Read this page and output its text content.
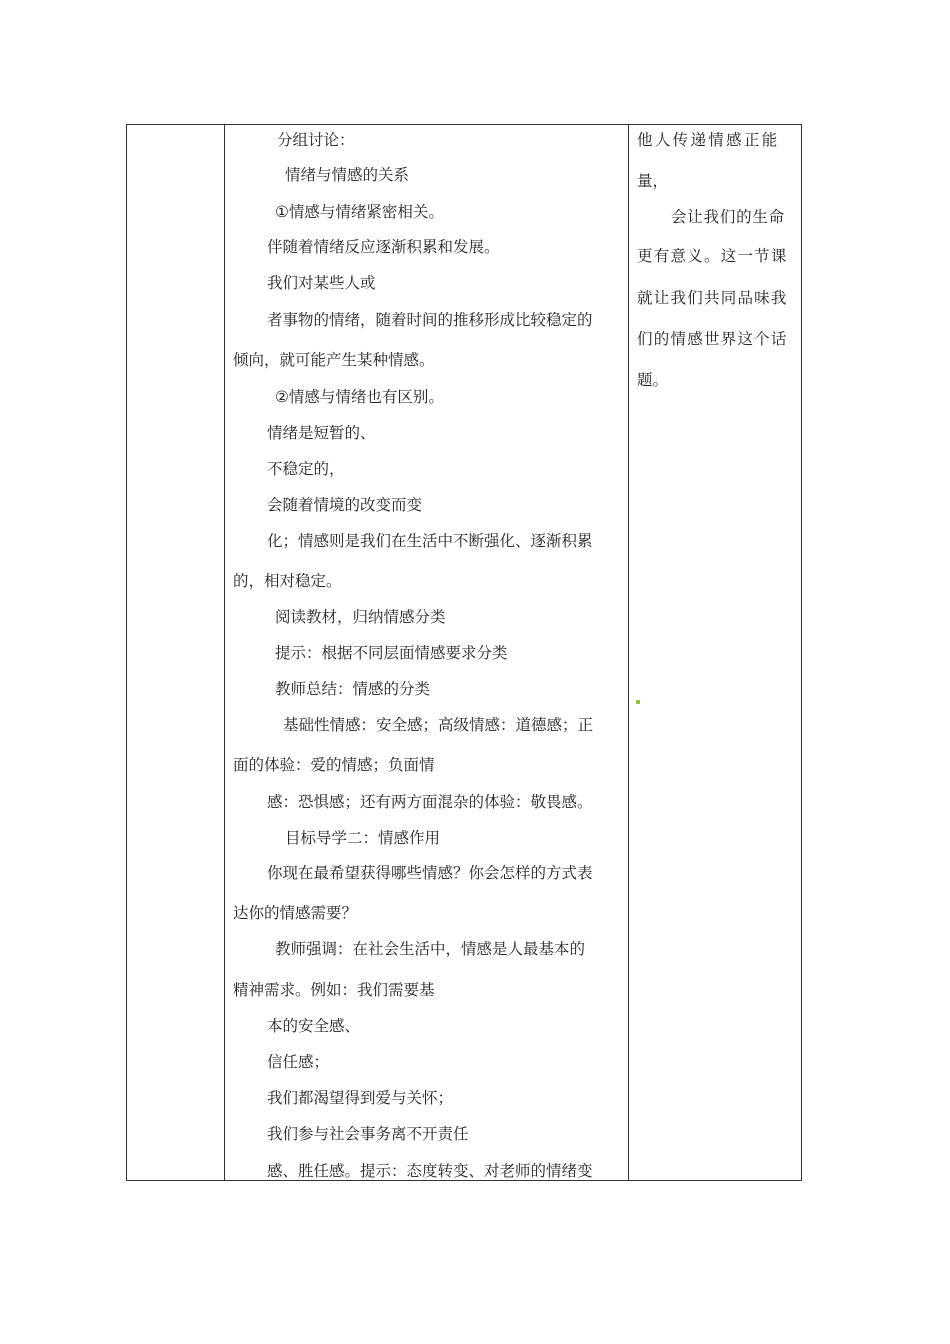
分组讨论：
情绪与情感的关系
①情感与情绪紧密相关。
伴随着情绪反应逐渐积累和发展。
我们对某些人或
者事物的情绪，随着时间的推移形成比较稳定的
倾向，就可能产生某种情感。
②情感与情绪也有区别。
情绪是短暂的、
不稳定的，
会随着情境的改变而变
化；情感则是我们在生活中不断强化、逐渐积累
的，相对稳定。
阅读教材，归纳情感分类
提示：根据不同层面情感要求分类
教师总结：情感的分类
基础性情感：安全感；高级情感：道德感；正
面的体验：爱的情感；负面情
感：恐惧感；还有两方面混杂的体验：敬畏感。
目标导学二：情感作用
你现在最希望获得哪些情感？你会怎样的方式表
达你的情感需要？
教师强调：在社会生活中，情感是人最基本的
精神需求。例如：我们需要基
本的安全感、
信任感；
我们都渴望得到爱与关怀；
我们参与社会事务离不开责任
感、胜任感。提示：态度转变、对老师的情绪变
他人传递情感正能
量，
会让我们的生命
更有意义。这一节课
就让我们共同品味我
们的情感世界这个话
题。
